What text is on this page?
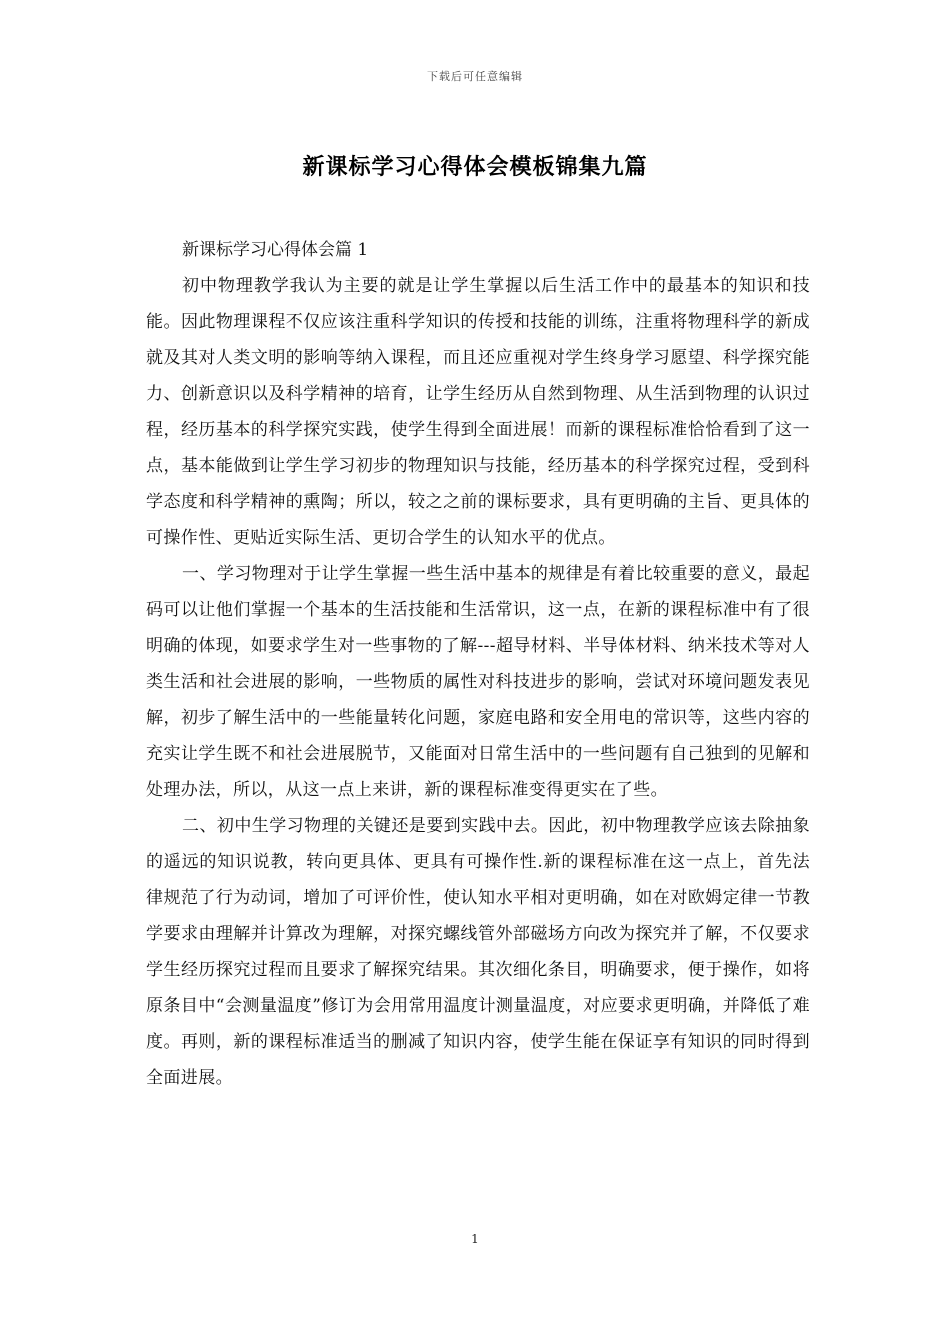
下载后可任意编辑
新课标学习心得体会模板锦集九篇

新课标学习心得体会篇 1

初中物理教学我认为主要的就是让学生掌握以后生活工作中的最基本的知识和技能。因此物理课程不仅应该注重科学知识的传授和技能的训练，注重将物理科学的新成就及其对人类文明的影响等纳入课程，而且还应重视对学生终身学习愿望、科学探究能力、创新意识以及科学精神的培育，让学生经历从自然到物理、从生活到物理的认识过程，经历基本的科学探究实践，使学生得到全面进展！而新的课程标准恰恰看到了这一点，基本能做到让学生学习初步的物理知识与技能，经历基本的科学探究过程，受到科学态度和科学精神的熏陶；所以，较之之前的课标要求，具有更明确的主旨、更具体的可操作性、更贴近实际生活、更切合学生的认知水平的优点。

一、学习物理对于让学生掌握一些生活中基本的规律是有着比较重要的意义，最起码可以让他们掌握一个基本的生活技能和生活常识，这一点，在新的课程标准中有了很明确的体现，如要求学生对一些事物的了解---超导材料、半导体材料、纳米技术等对人类生活和社会进展的影响，一些物质的属性对科技进步的影响，尝试对环境问题发表见解，初步了解生活中的一些能量转化问题，家庭电路和安全用电的常识等，这些内容的充实让学生既不和社会进展脱节，又能面对日常生活中的一些问题有自己独到的见解和处理办法，所以，从这一点上来讲，新的课程标准变得更实在了些。

二、初中生学习物理的关键还是要到实践中去。因此，初中物理教学应该去除抽象的遥远的知识说教，转向更具体、更具有可操作性.新的课程标准在这一点上，首先法律规范了行为动词，增加了可评价性，使认知水平相对更明确，如在对欧姆定律一节教学要求由理解并计算改为理解，对探究螺线管外部磁场方向改为探究并了解，不仅要求学生经历探究过程而且要求了解探究结果。其次细化条目，明确要求，便于操作，如将原条目中“会测量温度”修订为会用常用温度计测量温度，对应要求更明确，并降低了难度。再则，新的课程标准适当的删减了知识内容，使学生能在保证享有知识的同时得到全面进展。

1
